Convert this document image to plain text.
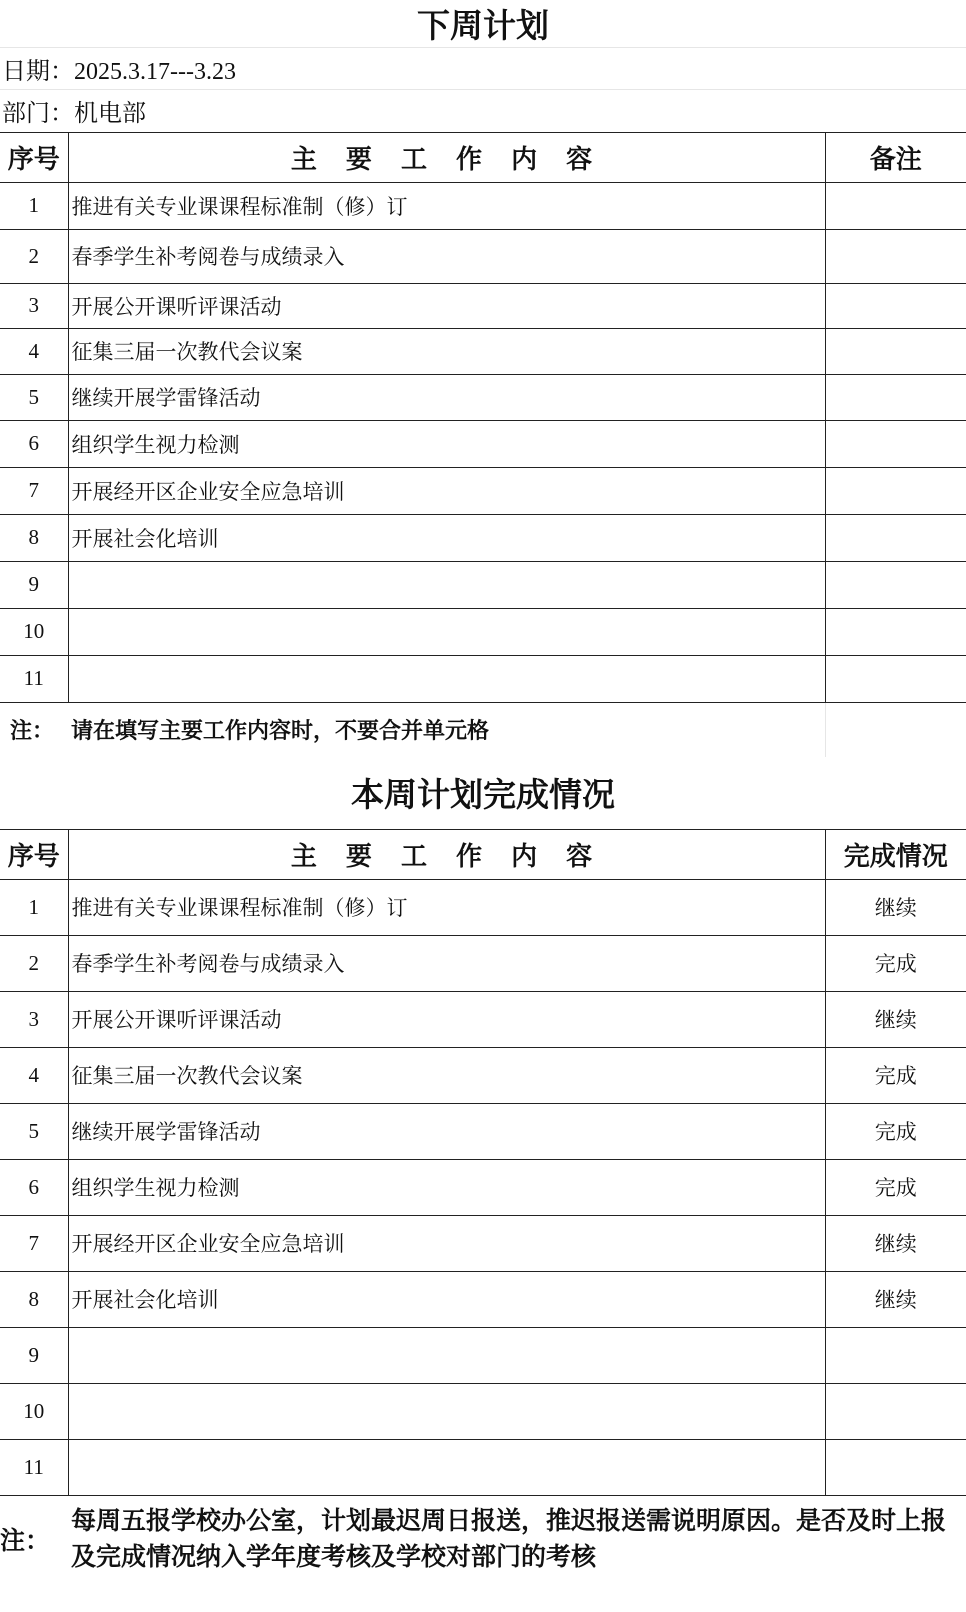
下周计划
日期：2025.3.17---3.23
部门：机电部
序号	主 要 工 作 内 容	备注
1	推进有关专业课课程标准制（修）订	
2	春季学生补考阅卷与成绩录入	
3	开展公开课听评课活动	
4	征集三届一次教代会议案	
5	继续开展学雷锋活动	
6	组织学生视力检测	
7	开展经开区企业安全应急培训	
8	开展社会化培训	
9		
10		
11		
注：	请在填写主要工作内容时，不要合并单元格	
本周计划完成情况		
序号	主 要 工 作 内 容	完成情况
1	推进有关专业课课程标准制（修）订	继续
2	春季学生补考阅卷与成绩录入	完成
3	开展公开课听评课活动	继续
4	征集三届一次教代会议案	完成
5	继续开展学雷锋活动	完成
6	组织学生视力检测	完成
7	开展经开区企业安全应急培训	继续
8	开展社会化培训	继续
9		
10		
11		
注：	每周五报学校办公室，计划最迟周日报送，推迟报送需说明原因。是否及时上报及完成情况纳入学年度考核及学校对部门的考核	
